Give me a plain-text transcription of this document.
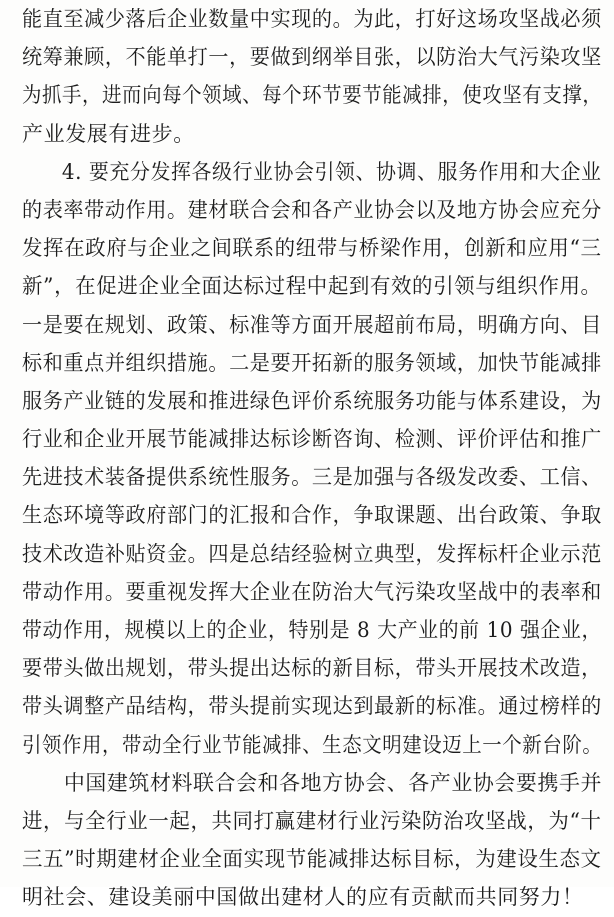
能直至减少落后企业数量中实现的。为此，打好这场攻坚战必须
统筹兼顾，不能单打一，要做到纲举目张，以防治大气污染攻坚
为抓手，进而向每个领域、每个环节要节能减排，使攻坚有支撑，
产业发展有进步。
4. 要充分发挥各级行业协会引领、协调、服务作用和大企业
的表率带动作用。建材联合会和各产业协会以及地方协会应充分
发挥在政府与企业之间联系的纽带与桥梁作用，创新和应用“三
新”，在促进企业全面达标过程中起到有效的引领与组织作用。
一是要在规划、政策、标准等方面开展超前布局，明确方向、目
标和重点并组织措施。二是要开拓新的服务领域，加快节能减排
服务产业链的发展和推进绿色评价系统服务功能与体系建设，为
行业和企业开展节能减排达标诊断咨询、检测、评价评估和推广
先进技术装备提供系统性服务。三是加强与各级发改委、工信、
生态环境等政府部门的汇报和合作，争取课题、出台政策、争取
技术改造补贴资金。四是总结经验树立典型，发挥标杆企业示范
带动作用。要重视发挥大企业在防治大气污染攻坚战中的表率和
带动作用，规模以上的企业，特别是 8 大产业的前 10 强企业，
要带头做出规划，带头提出达标的新目标，带头开展技术改造，
带头调整产品结构，带头提前实现达到最新的标准。通过榜样的
引领作用，带动全行业节能减排、生态文明建设迈上一个新台阶。
中国建筑材料联合会和各地方协会、各产业协会要携手并
进，与全行业一起，共同打赢建材行业污染防治攻坚战，为“十
三五”时期建材企业全面实现节能减排达标目标，为建设生态文
明社会、建设美丽中国做出建材人的应有贡献而共同努力！
